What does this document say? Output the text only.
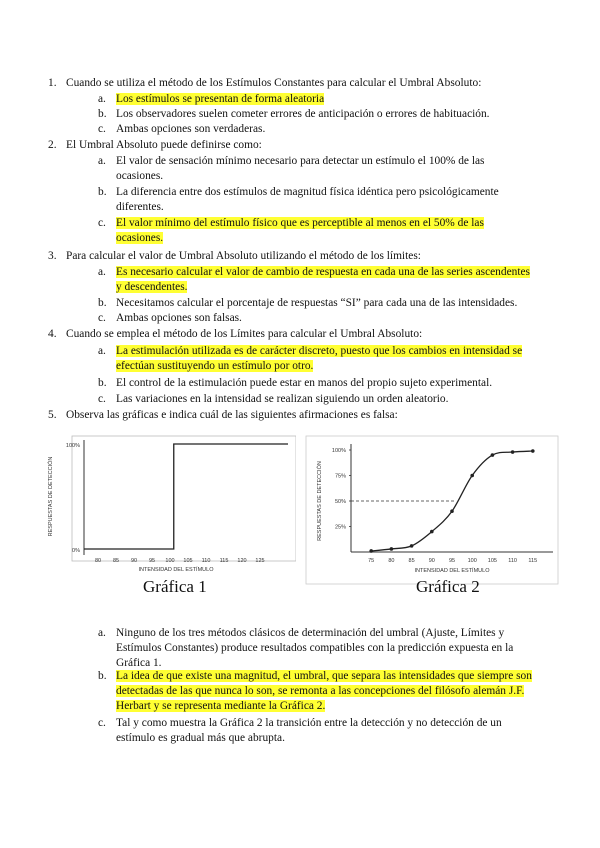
1. Cuando se utiliza el método de los Estímulos Constantes para calcular el Umbral Absoluto:
a. Los estímulos se presentan de forma aleatoria
b. Los observadores suelen cometer errores de anticipación o errores de habituación.
c. Ambas opciones son verdaderas.
2. El Umbral Absoluto puede definirse como:
a. El valor de sensación mínimo necesario para detectar un estímulo el 100% de las
ocasiones.
b. La diferencia entre dos estímulos de magnitud física idéntica pero psicológicamente
diferentes.
c. El valor mínimo del estímulo físico que es perceptible al menos en el 50% de las
ocasiones.
3. Para calcular el valor de Umbral Absoluto utilizando el método de los límites:
a. Es necesario calcular el valor de cambio de respuesta en cada una de las series ascendentes
y descendentes.
b. Necesitamos calcular el porcentaje de respuestas “SI” para cada una de las intensidades.
c. Ambas opciones son falsas.
4. Cuando se emplea el método de los Límites para calcular el Umbral Absoluto:
a. La estimulación utilizada es de carácter discreto, puesto que los cambios en intensidad se
efectúan sustituyendo un estímulo por otro.
b. El control de la estimulación puede estar en manos del propio sujeto experimental.
c. Las variaciones en la intensidad se realizan siguiendo un orden aleatorio.
5. Observa las gráficas e indica cuál de las siguientes afirmaciones es falsa:
a. Ninguno de los tres métodos clásicos de determinación del umbral (Ajuste, Límites y
Estímulos Constantes) produce resultados compatibles con la predicción expuesta en la
Gráfica 1.
b. La idea de que existe una magnitud, el umbral, que separa las intensidades que siempre son
detectadas de las que nunca lo son, se remonta a las concepciones del filósofo alemán J.F.
Herbart y se representa mediante la Gráfica 2.
c. Tal y como muestra la Gráfica 2 la transición entre la detección y no detección de un
estímulo es gradual más que abrupta.
0%
100%
80 85 90 95 100 105 110 115 120 125
INTENSIDAD DEL ESTÍMULO
RESPUESTAS DE DETECCIÓN
Gráfica 1
25%
50%
75%
100%
75	80	85	90	95 100 105 110 115
INTENSIDAD DEL ESTÍMULO
RESPUESTAS DE DETECCIÓN
Gráfica 2
